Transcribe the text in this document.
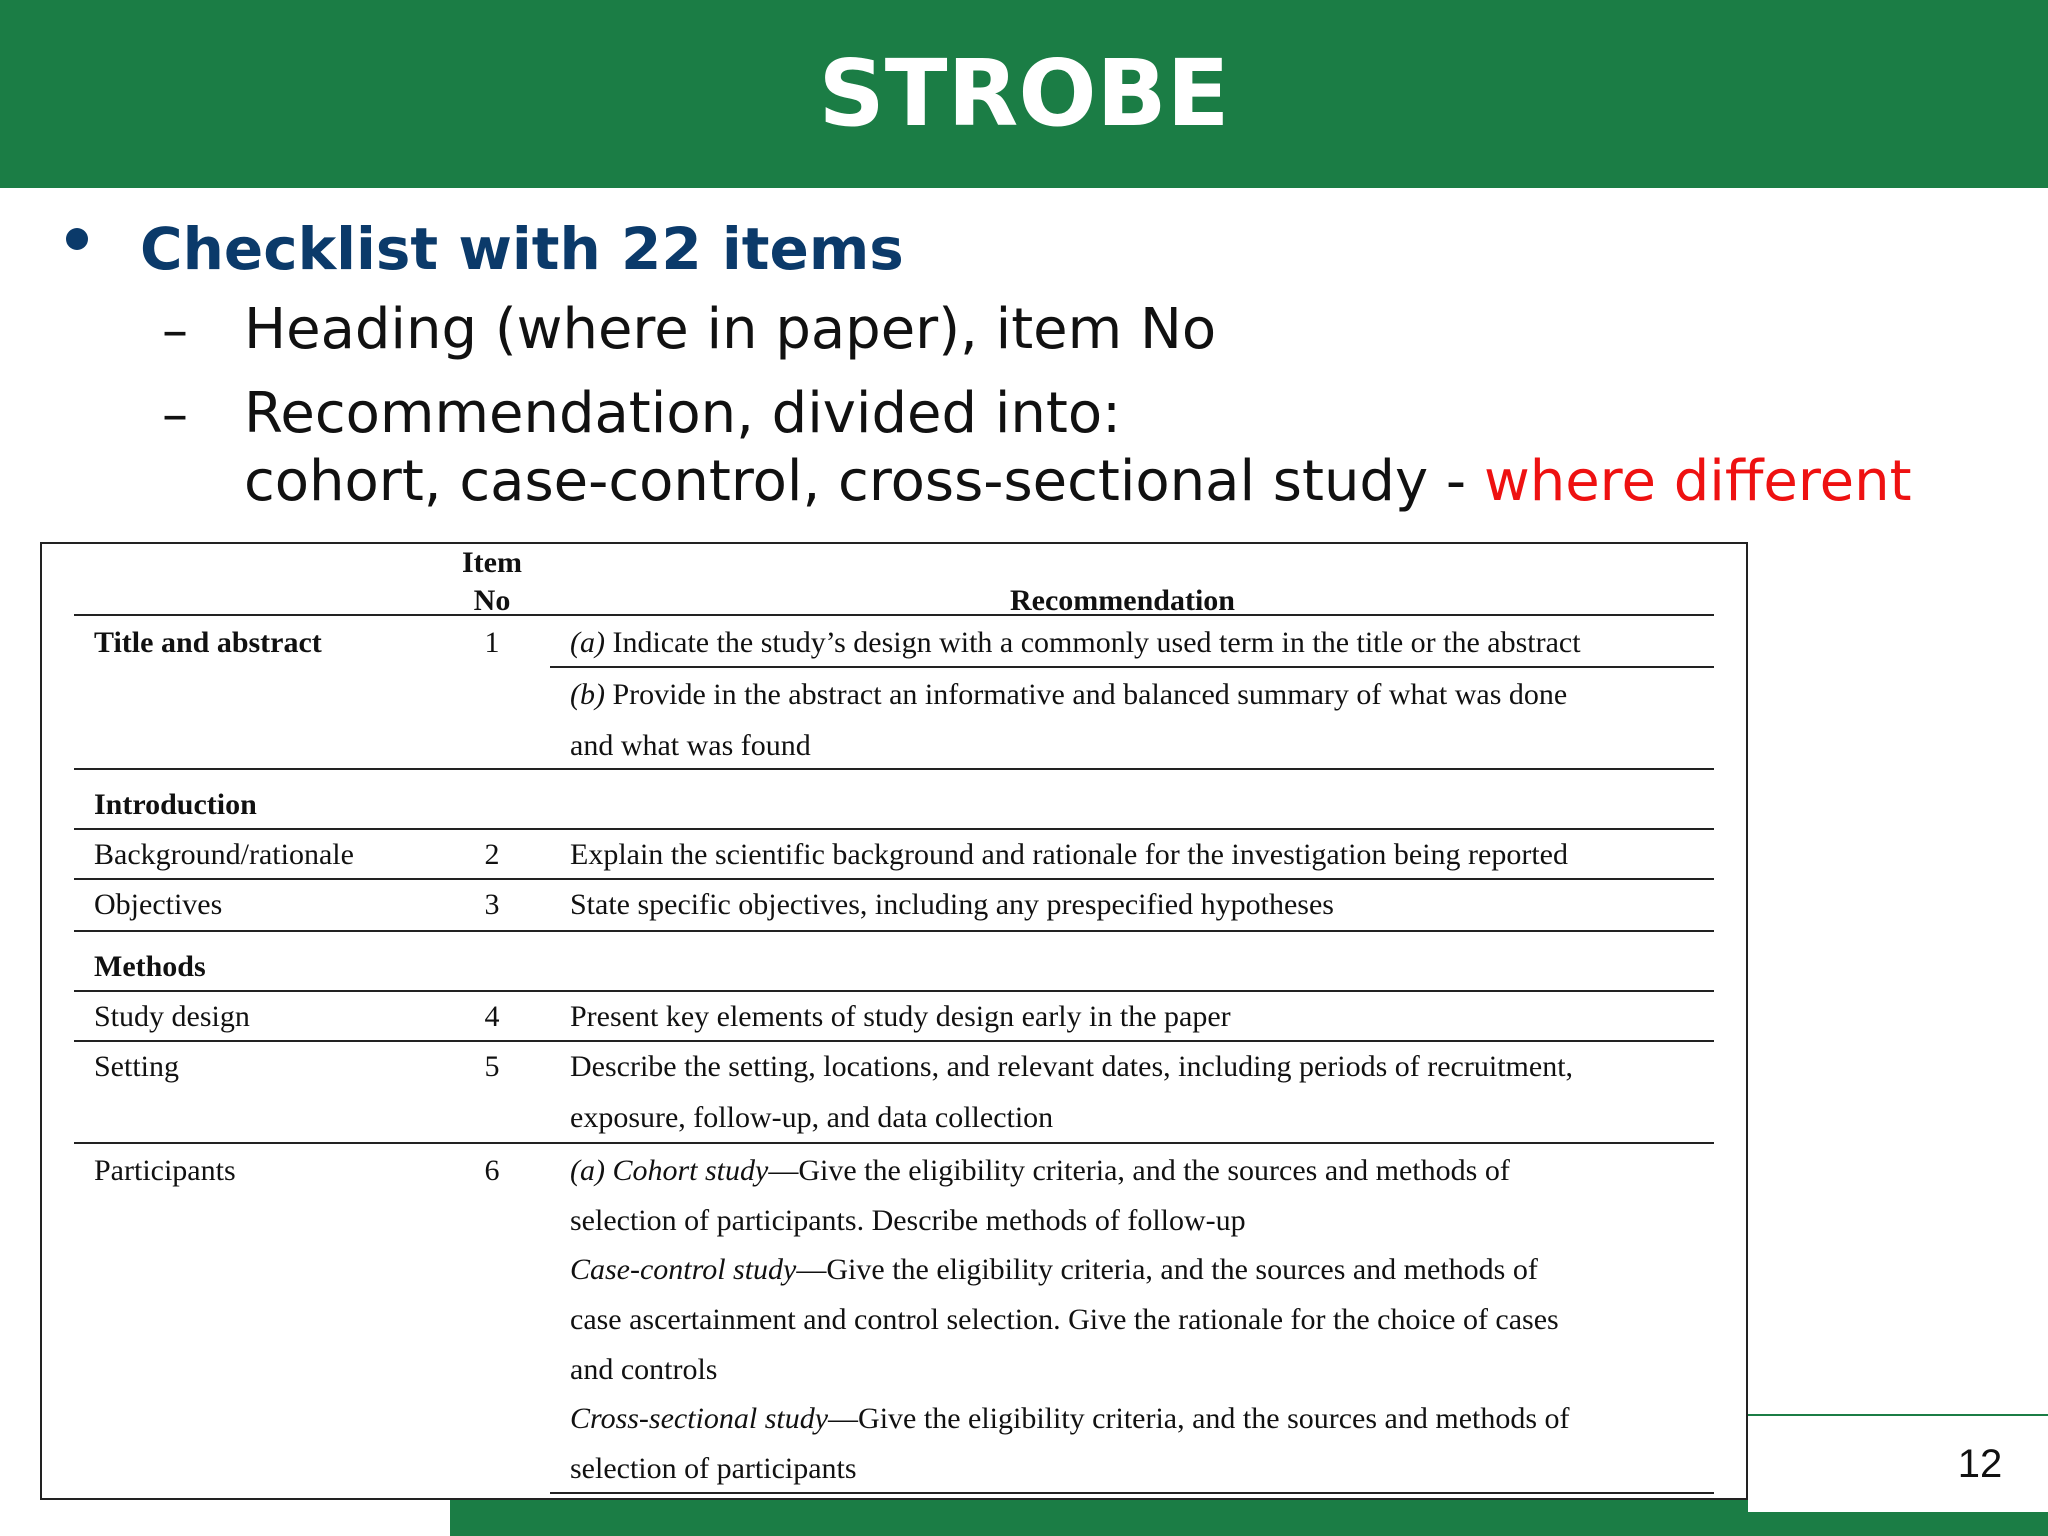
STROBE
12
Checklist with 22 items
– Heading (where in paper), item No
– Recommendation, divided into:
cohort, case-control, cross-sectional study - where different
Item
No	Recommendation
Title and abstract	1	(a) Indicate the study’s design with a commonly used term in the title or the abstract
(b) Provide in the abstract an informative and balanced summary of what was done
and what was found
Introduction
Background/rationale	2	Explain the scientific background and rationale for the investigation being reported
Objectives	3	State specific objectives, including any prespecified hypotheses
Methods
Study design	4	Present key elements of study design early in the paper
Setting	5	Describe the setting, locations, and relevant dates, including periods of recruitment,
exposure, follow-up, and data collection
Participants	6	(a) Cohort study—Give the eligibility criteria, and the sources and methods of
selection of participants. Describe methods of follow-up
Case-control study—Give the eligibility criteria, and the sources and methods of
case ascertainment and control selection. Give the rationale for the choice of cases
and controls
Cross-sectional study—Give the eligibility criteria, and the sources and methods of
selection of participants
